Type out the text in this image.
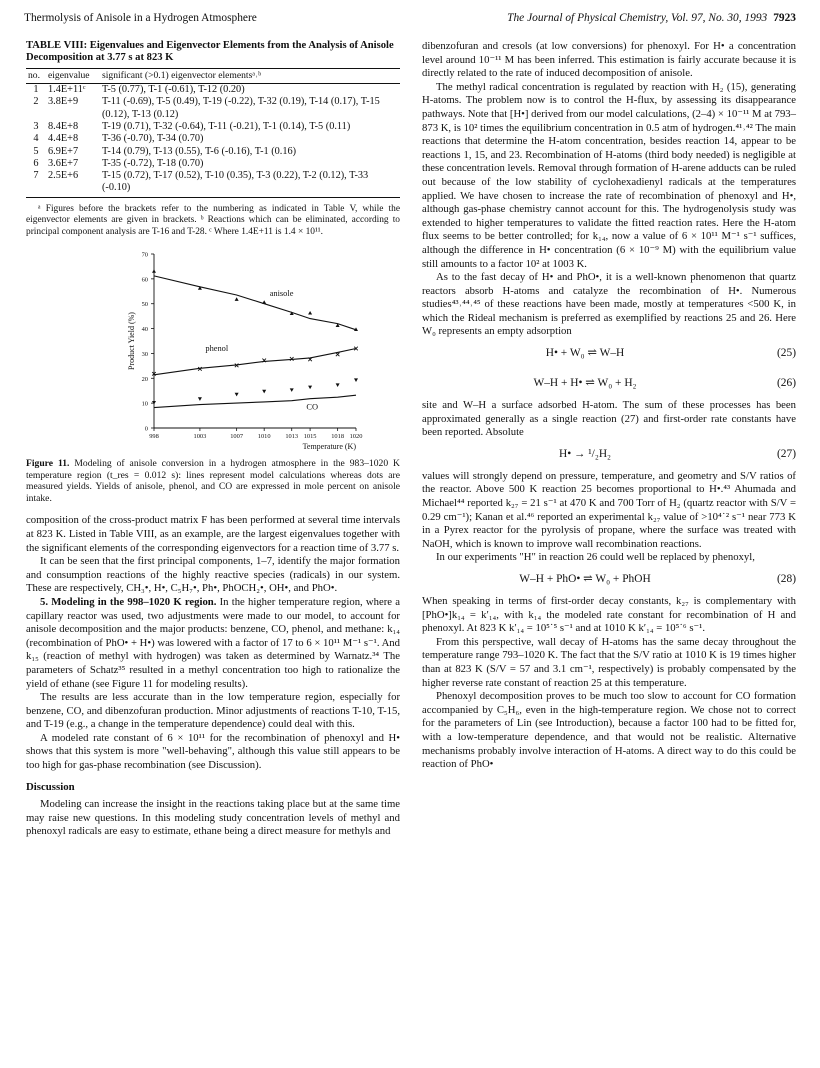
Thermolysis of Anisole in a Hydrogen Atmosphere	The Journal of Physical Chemistry, Vol. 97, No. 30, 1993 7923
TABLE VIII: Eigenvalues and Eigenvector Elements from the Analysis of Anisole Decomposition at 3.77 s at 823 K
no.	eigenvalue	significant (>0.1) eigenvector elementsᵃ˒ᵇ
1	1.4E+11ᶜ	T-5 (0.77), T-1 (-0.61), T-12 (0.20)
2	3.8E+9	T-11 (-0.69), T-5 (0.49), T-19 (-0.22), T-32 (0.19), T-14 (0.17), T-15 (0.12), T-13 (0.12)
3	8.4E+8	T-19 (0.71), T-32 (-0.64), T-11 (-0.21), T-1 (0.14), T-5 (0.11)
4	4.4E+8	T-36 (-0.70), T-34 (0.70)
5	6.9E+7	T-14 (0.79), T-13 (0.55), T-6 (-0.16), T-1 (0.16)
6	3.6E+7	T-35 (-0.72), T-18 (0.70)
7	2.5E+6	T-15 (0.72), T-17 (0.52), T-10 (0.35), T-3 (0.22), T-2 (0.12), T-33 (-0.10)
ᵃ Figures before the brackets refer to the numbering as indicated in Table V, while the eigenvector elements are given in brackets. ᵇ Reactions which can be eliminated, according to principal component analysis are T-16 and T-28. ᶜ Where 1.4E+11 is 1.4 × 10¹¹.
0
10
20
30
40
50
60
70
998	1003	1007 1010 1013 1015 1018 1020
Temperature (K)
Product Yield (%)
anisole
phenol
CO
Figure 11. Modeling of anisole conversion in a hydrogen atmosphere in the 983–1020 K temperature region (t_res = 0.012 s): lines represent model calculations whereas dots are measured yields. Yields of anisole, phenol, and CO are expressed in mole percent on anisole intake.

composition of the cross-product matrix F has been performed at several time intervals at 823 K. Listed in Table VIII, as an example, are the largest eigenvalues together with the significant elements of the corresponding eigenvectors for a reaction time of 3.77 s.

It can be seen that the first principal components, 1–7, identify the major formation and consumption reactions of the highly reactive species (radicals) in our system. These are respectively, CH₃•, H•, C₅H₇•, Ph•, PhOCH₂•, OH•, and PhO•.

5. Modeling in the 998–1020 K region. In the higher temperature region, where a capillary reactor was used, two adjustments were made to our model, to account for anisole decomposition and the major products: benzene, CO, phenol, and methane: k₁₄ (recombination of PhO• + H•) was lowered with a factor of 17 to 6 × 10¹¹ M⁻¹ s⁻¹. And k₁₅ (reaction of methyl with hydrogen) was taken as determined by Warnatz.³⁴ The parameters of Schatz³⁵ resulted in a methyl concentration too high to rationalize the yield of ethane (see Figure 11 for modeling results).

The results are less accurate than in the low temperature region, especially for benzene, CO, and dibenzofuran production. Minor adjustments of reactions T-10, T-15, and T-19 (e.g., a change in the temperature dependence) could deal with this.

A modeled rate constant of 6 × 10¹¹ for the recombination of phenoxyl and H• shows that this system is more "well-behaving", although this value still appears to be too high for gas-phase recombination (see Discussion).

Discussion

Modeling can increase the insight in the reactions taking place but at the same time may raise new questions. In this modeling study concentration levels of methyl and phenoxyl radicals are easy to estimate, ethane being a direct measure for methyls and

dibenzofuran and cresols (at low conversions) for phenoxyl. For H• a concentration level around 10⁻¹¹ M has been inferred. This estimation is fairly accurate because it is directly related to the rate of induced decomposition of anisole.

The methyl radical concentration is regulated by reaction with H₂ (15), generating H-atoms. The problem now is to control the H-flux, by assessing its disappearance pathways. Note that [H•] derived from our model calculations, (2–4) × 10⁻¹¹ M at 793–873 K, is 10² times the equilibrium concentration in 0.5 atm of hydrogen.⁴¹˒⁴² The main reactions that determine the H-atom concentration, besides reaction 14, appear to be reactions 1, 15, and 23. Recombination of H-atoms (third body needed) is negligible at these concentration levels. Removal through formation of H-arene adducts can be ruled out because of the low stability of cyclohexadienyl radicals at the temperatures applied. We have chosen to increase the rate of recombination of phenoxyl and H•, although gas-phase chemistry cannot account for this. The hydrogenolysis study was extended to higher temperatures to validate the fitted reaction rates. Here the H-atom flux seems to be better controlled; for k₁₄, now a value of 6 × 10¹¹ M⁻¹ s⁻¹ suffices, although the difference in H• concentration (6 × 10⁻⁹ M) with the equilibrium value still amounts to a factor 10² at 1003 K.

As to the fast decay of H• and PhO•, it is a well-known phenomenon that quartz reactors absorb H-atoms and catalyze the recombination of H•. Numerous studies⁴³˒⁴⁴˒⁴⁵ of these reactions have been made, mostly at temperatures <500 K, in which the Rideal mechanism is preferred as exemplified by reactions 25 and 26. Here W₀ represents an empty adsorption

H• + W₀ ⇌ W–H	(25)
W–H + H• ⇌ W₀ + H₂	(26)

site and W–H a surface adsorbed H-atom. The sum of these processes has been approximated generally as a single reaction (27) and first-order rate constants have been reported. Absolute

H• → ¹/₂H₂	(27)

values will strongly depend on pressure, temperature, and geometry and S/V ratios of the reactor. Above 500 K reaction 25 becomes proportional to H•.⁴³ Ahumada and Michael⁴⁴ reported k₂₇ = 21 s⁻¹ at 470 K and 700 Torr of H₂ (quartz reactor with S/V = 0.29 cm⁻¹); Kanan et al.⁴⁶ reported an experimental k₂₇ value of >10⁴˙² s⁻¹ near 773 K in a Pyrex reactor for the pyrolysis of propane, where the surface was treated with NaOH, which is known to improve wall recombination reactions.

In our experiments "H" in reaction 26 could well be replaced by phenoxyl,

W–H + PhO• ⇌ W₀ + PhOH	(28)

When speaking in terms of first-order decay constants, k₂₇ is complementary with [PhO•]k₁₄ = k′₁₄, with k₁₄ the modeled rate constant for recombination of H and phenoxyl. At 823 K k′₁₄ = 10⁵˙⁵ s⁻¹ and at 1010 K k′₁₄ = 10⁵˙⁶ s⁻¹.

From this perspective, wall decay of H-atoms has the same decay throughout the temperature range 793–1020 K. The fact that the S/V ratio at 1010 K is 19 times higher than at 823 K (S/V = 57 and 3.1 cm⁻¹, respectively) is probably compensated by the higher reverse rate constant of reaction 25 at this temperature.

Phenoxyl decomposition proves to be much too slow to account for CO formation accompanied by C₅H₆, even in the high-temperature region. We chose not to correct for the parameters of Lin (see Introduction), because a factor 100 had to be fitted for, with a low-temperature dependence, and that would not be realistic. Alternative mechanisms probably involve interaction of H-atoms. A direct way to do this could be reaction of PhO•
